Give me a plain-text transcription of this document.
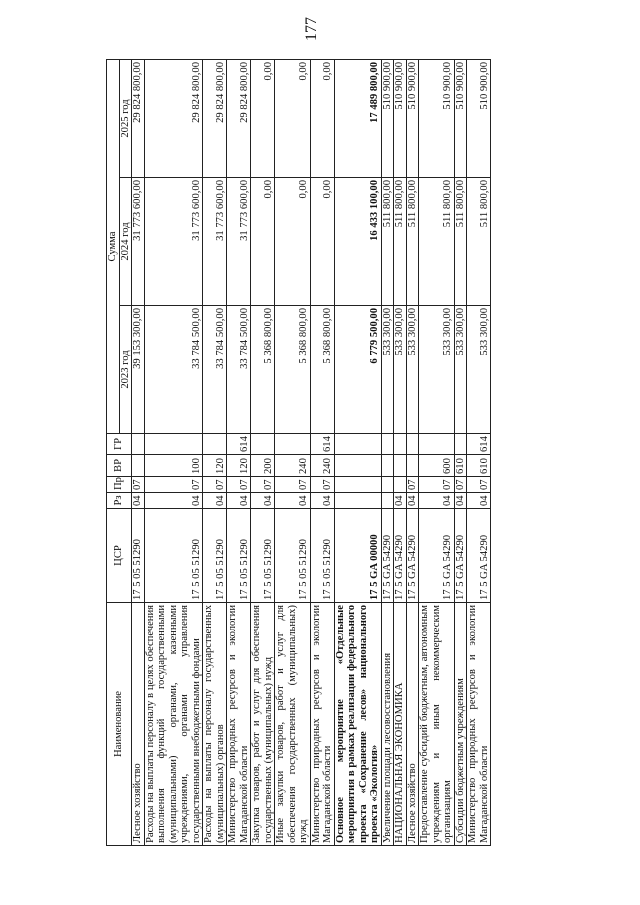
177
Наименование	ЦСР	Рз	Пр	ВР	ГР	Сумма		
						2023 год	2024 год	2025 год
Лесное хозяйство	17 5 05 51290	04	07			39 153 300,00	31 773 600,00	29 824 800,00
Расходы на выплаты персоналу в целях обеспечения выполнения функций государственными (муниципальными) органами, казенными учреждениями, органами управления государственными внебюджетными фондами	17 5 05 51290	04	07	100		33 784 500,00	31 773 600,00	29 824 800,00
Расходы на выплаты персоналу государственных (муниципальных) органов	17 5 05 51290	04	07	120		33 784 500,00	31 773 600,00	29 824 800,00
Министерство природных ресурсов и экологии Магаданской области	17 5 05 51290	04	07	120	614	33 784 500,00	31 773 600,00	29 824 800,00
Закупка товаров, работ и услуг для обеспечения государственных (муниципальных) нужд	17 5 05 51290	04	07	200		5 368 800,00	0,00	0,00
Иные закупки товаров, работ и услуг для обеспечения государственных (муниципальных) нужд	17 5 05 51290	04	07	240		5 368 800,00	0,00	0,00
Министерство природных ресурсов и экологии Магаданской области	17 5 05 51290	04	07	240	614	5 368 800,00	0,00	0,00
Основное мероприятие «Отдельные мероприятия в рамках реализации федерального проекта «Сохранение лесов» национального проекта «Экология»	17 5 GA 00000					6 779 500,00	16 433 100,00	17 489 800,00
Увеличение площади лесовосстановления	17 5 GA 54290					533 300,00	511 800,00	510 900,00
НАЦИОНАЛЬНАЯ ЭКОНОМИКА	17 5 GA 54290	04				533 300,00	511 800,00	510 900,00
Лесное хозяйство	17 5 GA 54290	04	07			533 300,00	511 800,00	510 900,00
Предоставление субсидий бюджетным, автономным учреждениям и иным некоммерческим организациям	17 5 GA 54290	04	07	600		533 300,00	511 800,00	510 900,00
Субсидии бюджетным учреждениям	17 5 GA 54290	04	07	610		533 300,00	511 800,00	510 900,00
Министерство природных ресурсов и экологии Магаданской области	17 5 GA 54290	04	07	610	614	533 300,00	511 800,00	510 900,00
